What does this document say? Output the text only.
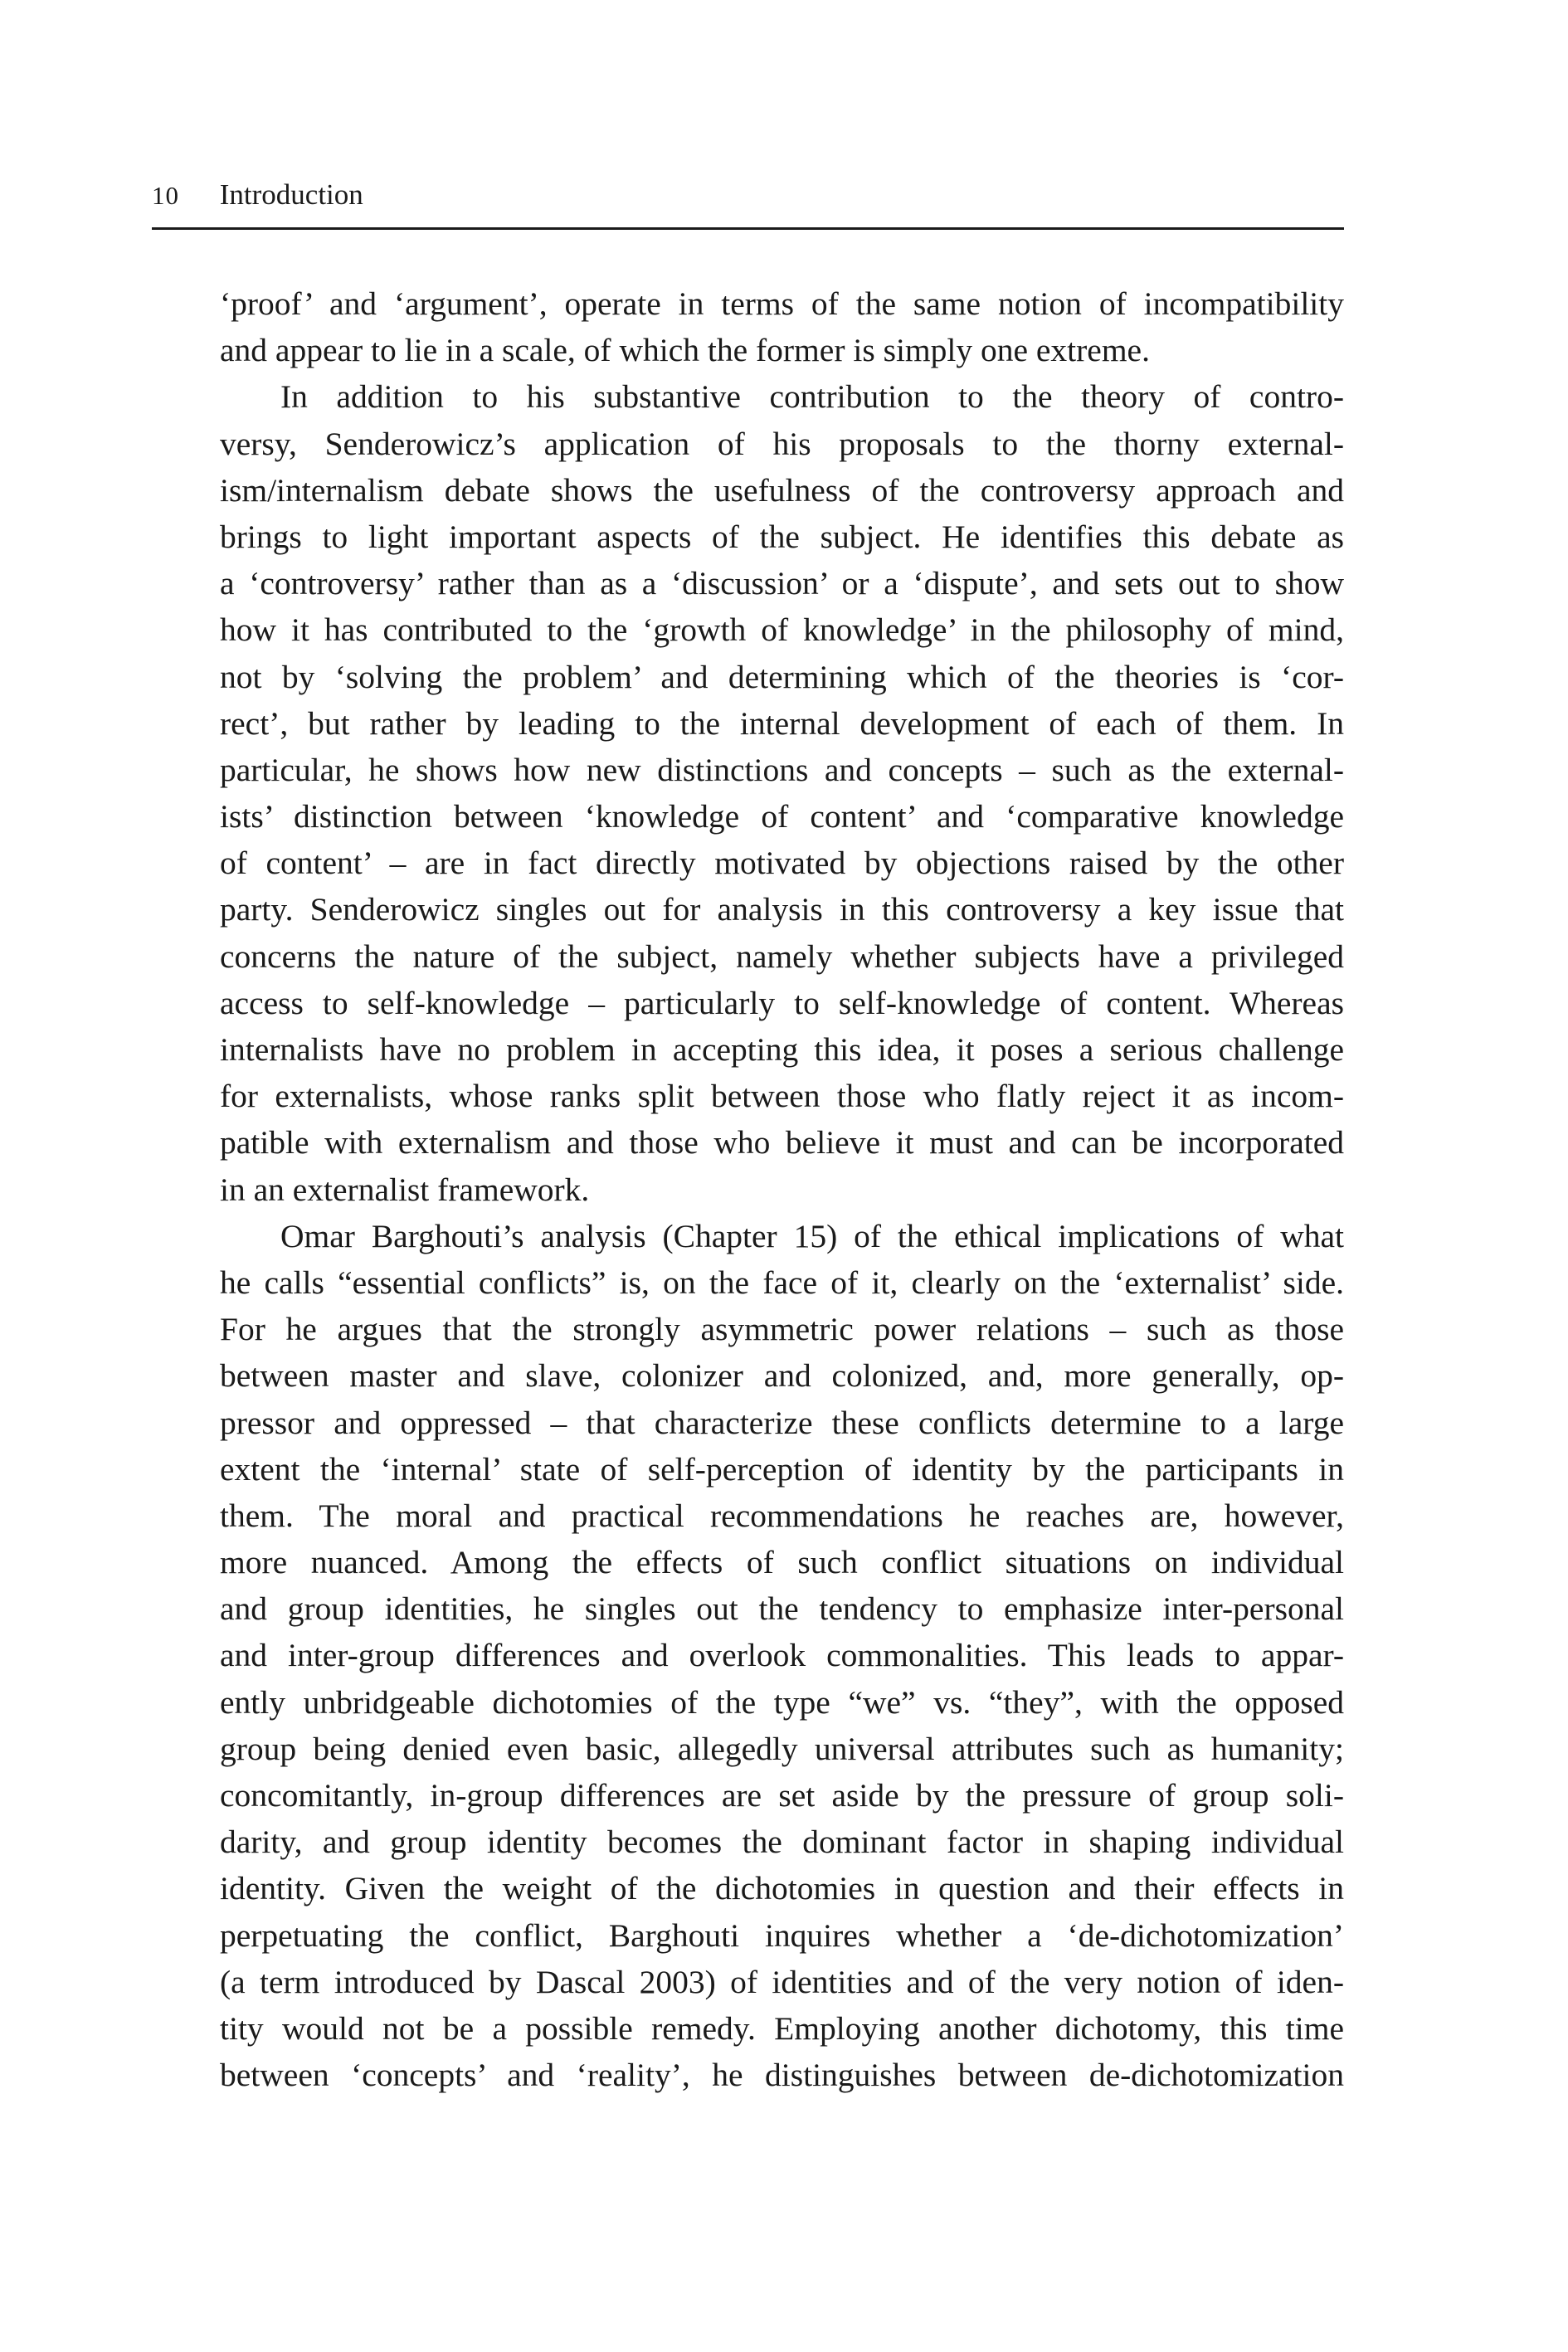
10 Introduction
‘proof’ and ‘argument’, operate in terms of the same notion of incompatibility
and appear to lie in a scale, of which the former is simply one extreme.
In addition to his substantive contribution to the theory of contro-
versy, Senderowicz’s application of his proposals to the thorny external-
ism/internalism debate shows the usefulness of the controversy approach and
brings to light important aspects of the subject. He identifies this debate as
a ‘controversy’ rather than as a ‘discussion’ or a ‘dispute’, and sets out to show
how it has contributed to the ‘growth of knowledge’ in the philosophy of mind,
not by ‘solving the problem’ and determining which of the theories is ‘cor-
rect’, but rather by leading to the internal development of each of them. In
particular, he shows how new distinctions and concepts – such as the external-
ists’ distinction between ‘knowledge of content’ and ‘comparative knowledge
of content’ – are in fact directly motivated by objections raised by the other
party. Senderowicz singles out for analysis in this controversy a key issue that
concerns the nature of the subject, namely whether subjects have a privileged
access to self-knowledge – particularly to self-knowledge of content. Whereas
internalists have no problem in accepting this idea, it poses a serious challenge
for externalists, whose ranks split between those who flatly reject it as incom-
patible with externalism and those who believe it must and can be incorporated
in an externalist framework.
Omar Barghouti’s analysis (Chapter 15) of the ethical implications of what
he calls “essential conflicts” is, on the face of it, clearly on the ‘externalist’ side.
For he argues that the strongly asymmetric power relations – such as those
between master and slave, colonizer and colonized, and, more generally, op-
pressor and oppressed – that characterize these conflicts determine to a large
extent the ‘internal’ state of self-perception of identity by the participants in
them. The moral and practical recommendations he reaches are, however,
more nuanced. Among the effects of such conflict situations on individual
and group identities, he singles out the tendency to emphasize inter-personal
and inter-group differences and overlook commonalities. This leads to appar-
ently unbridgeable dichotomies of the type “we” vs. “they”, with the opposed
group being denied even basic, allegedly universal attributes such as humanity;
concomitantly, in-group differences are set aside by the pressure of group soli-
darity, and group identity becomes the dominant factor in shaping individual
identity. Given the weight of the dichotomies in question and their effects in
perpetuating the conflict, Barghouti inquires whether a ‘de-dichotomization’
(a term introduced by Dascal 2003) of identities and of the very notion of iden-
tity would not be a possible remedy. Employing another dichotomy, this time
between ‘concepts’ and ‘reality’, he distinguishes between de-dichotomization
